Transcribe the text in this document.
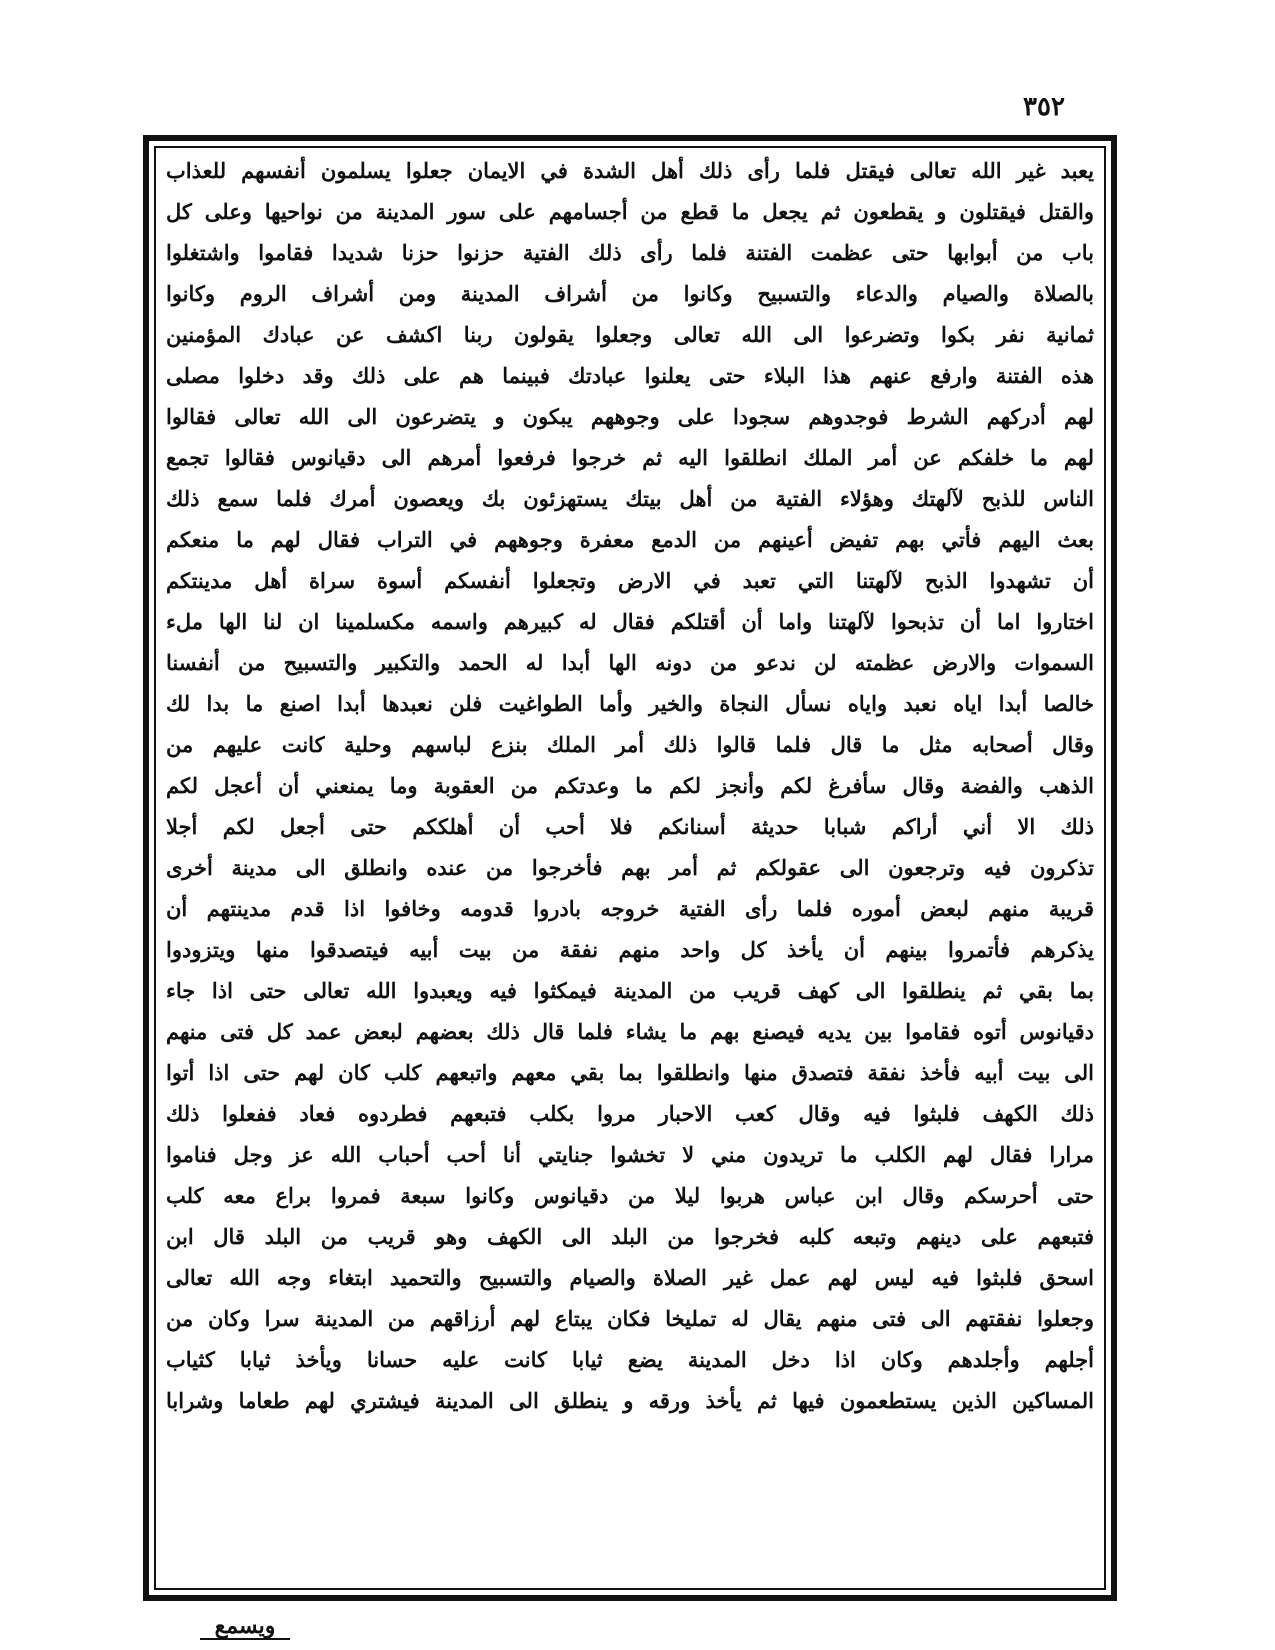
٣٥٢
يعبد غير الله تعالى فيقتل فلما رأى ذلك أهل الشدة في الايمان جعلوا يسلمون أنفسهم للعذاب
والقتل فيقتلون و يقطعون ثم يجعل ما قطع من أجسامهم على سور المدينة من نواحيها وعلى كل
باب من أبوابها حتى عظمت الفتنة فلما رأى ذلك الفتية حزنوا حزنا شديدا فقاموا واشتغلوا
بالصلاة والصيام والدعاء والتسبيح وكانوا من أشراف المدينة ومن أشراف الروم وكانوا
ثمانية نفر بكوا وتضرعوا الى الله تعالى وجعلوا يقولون ربنا اكشف عن عبادك المؤمنين
هذه الفتنة وارفع عنهم هذا البلاء حتى يعلنوا عبادتك فبينما هم على ذلك وقد دخلوا مصلى
لهم أدركهم الشرط فوجدوهم سجودا على وجوههم يبكون و يتضرعون الى الله تعالى فقالوا
لهم ما خلفكم عن أمر الملك انطلقوا اليه ثم خرجوا فرفعوا أمرهم الى دقيانوس فقالوا تجمع
الناس للذبح لآلهتك وهؤلاء الفتية من أهل بيتك يستهزئون بك ويعصون أمرك فلما سمع ذلك
بعث اليهم فأتي بهم تفيض أعينهم من الدمع معفرة وجوههم في التراب فقال لهم ما منعكم
أن تشهدوا الذبح لآلهتنا التي تعبد في الارض وتجعلوا أنفسكم أسوة سراة أهل مدينتكم
اختاروا اما أن تذبحوا لآلهتنا واما أن أقتلكم فقال له كبيرهم واسمه مكسلمينا ان لنا الها ملء
السموات والارض عظمته لن ندعو من دونه الها أبدا له الحمد والتكبير والتسبيح من أنفسنا
خالصا أبدا اياه نعبد واياه نسأل النجاة والخير وأما الطواغيت فلن نعبدها أبدا اصنع ما بدا لك
وقال أصحابه مثل ما قال فلما قالوا ذلك أمر الملك بنزع لباسهم وحلية كانت عليهم من
الذهب والفضة وقال سأفرغ لكم وأنجز لكم ما وعدتكم من العقوبة وما يمنعني أن أعجل لكم
ذلك الا أني أراكم شبابا حديثة أسنانكم فلا أحب أن أهلككم حتى أجعل لكم أجلا
تذكرون فيه وترجعون الى عقولكم ثم أمر بهم فأخرجوا من عنده وانطلق الى مدينة أخرى
قريبة منهم لبعض أموره فلما رأى الفتية خروجه بادروا قدومه وخافوا اذا قدم مدينتهم أن
يذكرهم فأتمروا بينهم أن يأخذ كل واحد منهم نفقة من بيت أبيه فيتصدقوا منها ويتزودوا
بما بقي ثم ينطلقوا الى كهف قريب من المدينة فيمكثوا فيه ويعبدوا الله تعالى حتى اذا جاء
دقيانوس أتوه فقاموا بين يديه فيصنع بهم ما يشاء فلما قال ذلك بعضهم لبعض عمد كل فتى منهم
الى بيت أبيه فأخذ نفقة فتصدق منها وانطلقوا بما بقي معهم واتبعهم كلب كان لهم حتى اذا أتوا
ذلك الكهف فلبثوا فيه وقال كعب الاحبار مروا بكلب فتبعهم فطردوه فعاد ففعلوا ذلك
مرارا فقال لهم الكلب ما تريدون مني لا تخشوا جنايتي أنا أحب أحباب الله عز وجل فناموا
حتى أحرسكم وقال ابن عباس هربوا ليلا من دقيانوس وكانوا سبعة فمروا براع معه كلب
فتبعهم على دينهم وتبعه كلبه فخرجوا من البلد الى الكهف وهو قريب من البلد قال ابن
اسحق فلبثوا فيه ليس لهم عمل غير الصلاة والصيام والتسبيح والتحميد ابتغاء وجه الله تعالى
وجعلوا نفقتهم الى فتى منهم يقال له تمليخا فكان يبتاع لهم أرزاقهم من المدينة سرا وكان من
أجلهم وأجلدهم وكان اذا دخل المدينة يضع ثيابا كانت عليه حسانا ويأخذ ثيابا كثياب
المساكين الذين يستطعمون فيها ثم يأخذ ورقه و ينطلق الى المدينة فيشتري لهم طعاما وشرابا
ويسمع
